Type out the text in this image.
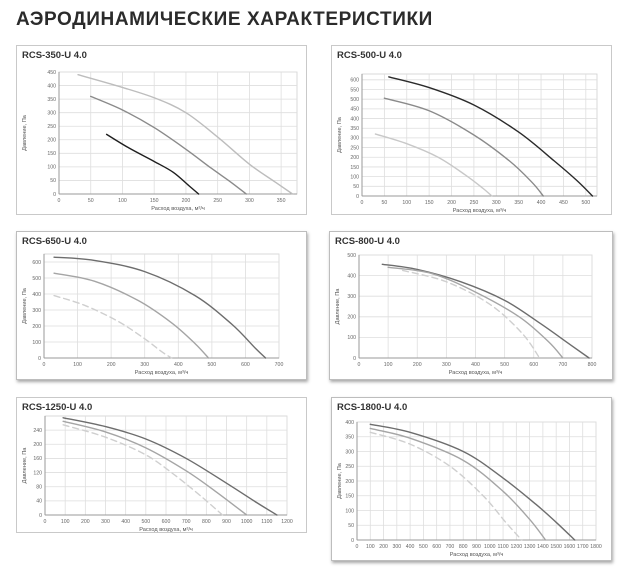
АЭРОДИНАМИЧЕСКИЕ ХАРАКТЕРИСТИКИ
RCS-350-U 4.0
0	50	100	150	200	250	300	350
0
50
100
150
200
250
300
350
400
450
Расход воздуха, м³/ч
Давление, Па
RCS-500-U 4.0
0	50	100	150	200	250	300	350	400	450	500
0
50
100
150
200
250
300
350
400
450
500
550
600
Расход воздуха, м³/ч
Давление, Па
RCS-650-U 4.0
0	100	200	300	400	500	600	700
0
100
200
300
400
500
600
Расход воздуха, м³/ч
Давление, Па
RCS-800-U 4.0
0	100	200	300	400	500	600	700	800
0
100
200
300
400
500
Расход воздуха, м³/ч
Давление, Па
RCS-1250-U 4.0
0	100 200 300 400 500 600 700 800 900 1000 1100 1200
0
40
80
120
160
200
240
Расход воздуха, м³/ч
Давление, Па
RCS-1800-U 4.0
0 100 200 300 400 500 600 700 800 900 1000 1100 1200 1300 1400 1500 1600 1700 1800
0
50
100
150
200
250
300
350
400
Расход воздуха, м³/ч
Давление, Па
